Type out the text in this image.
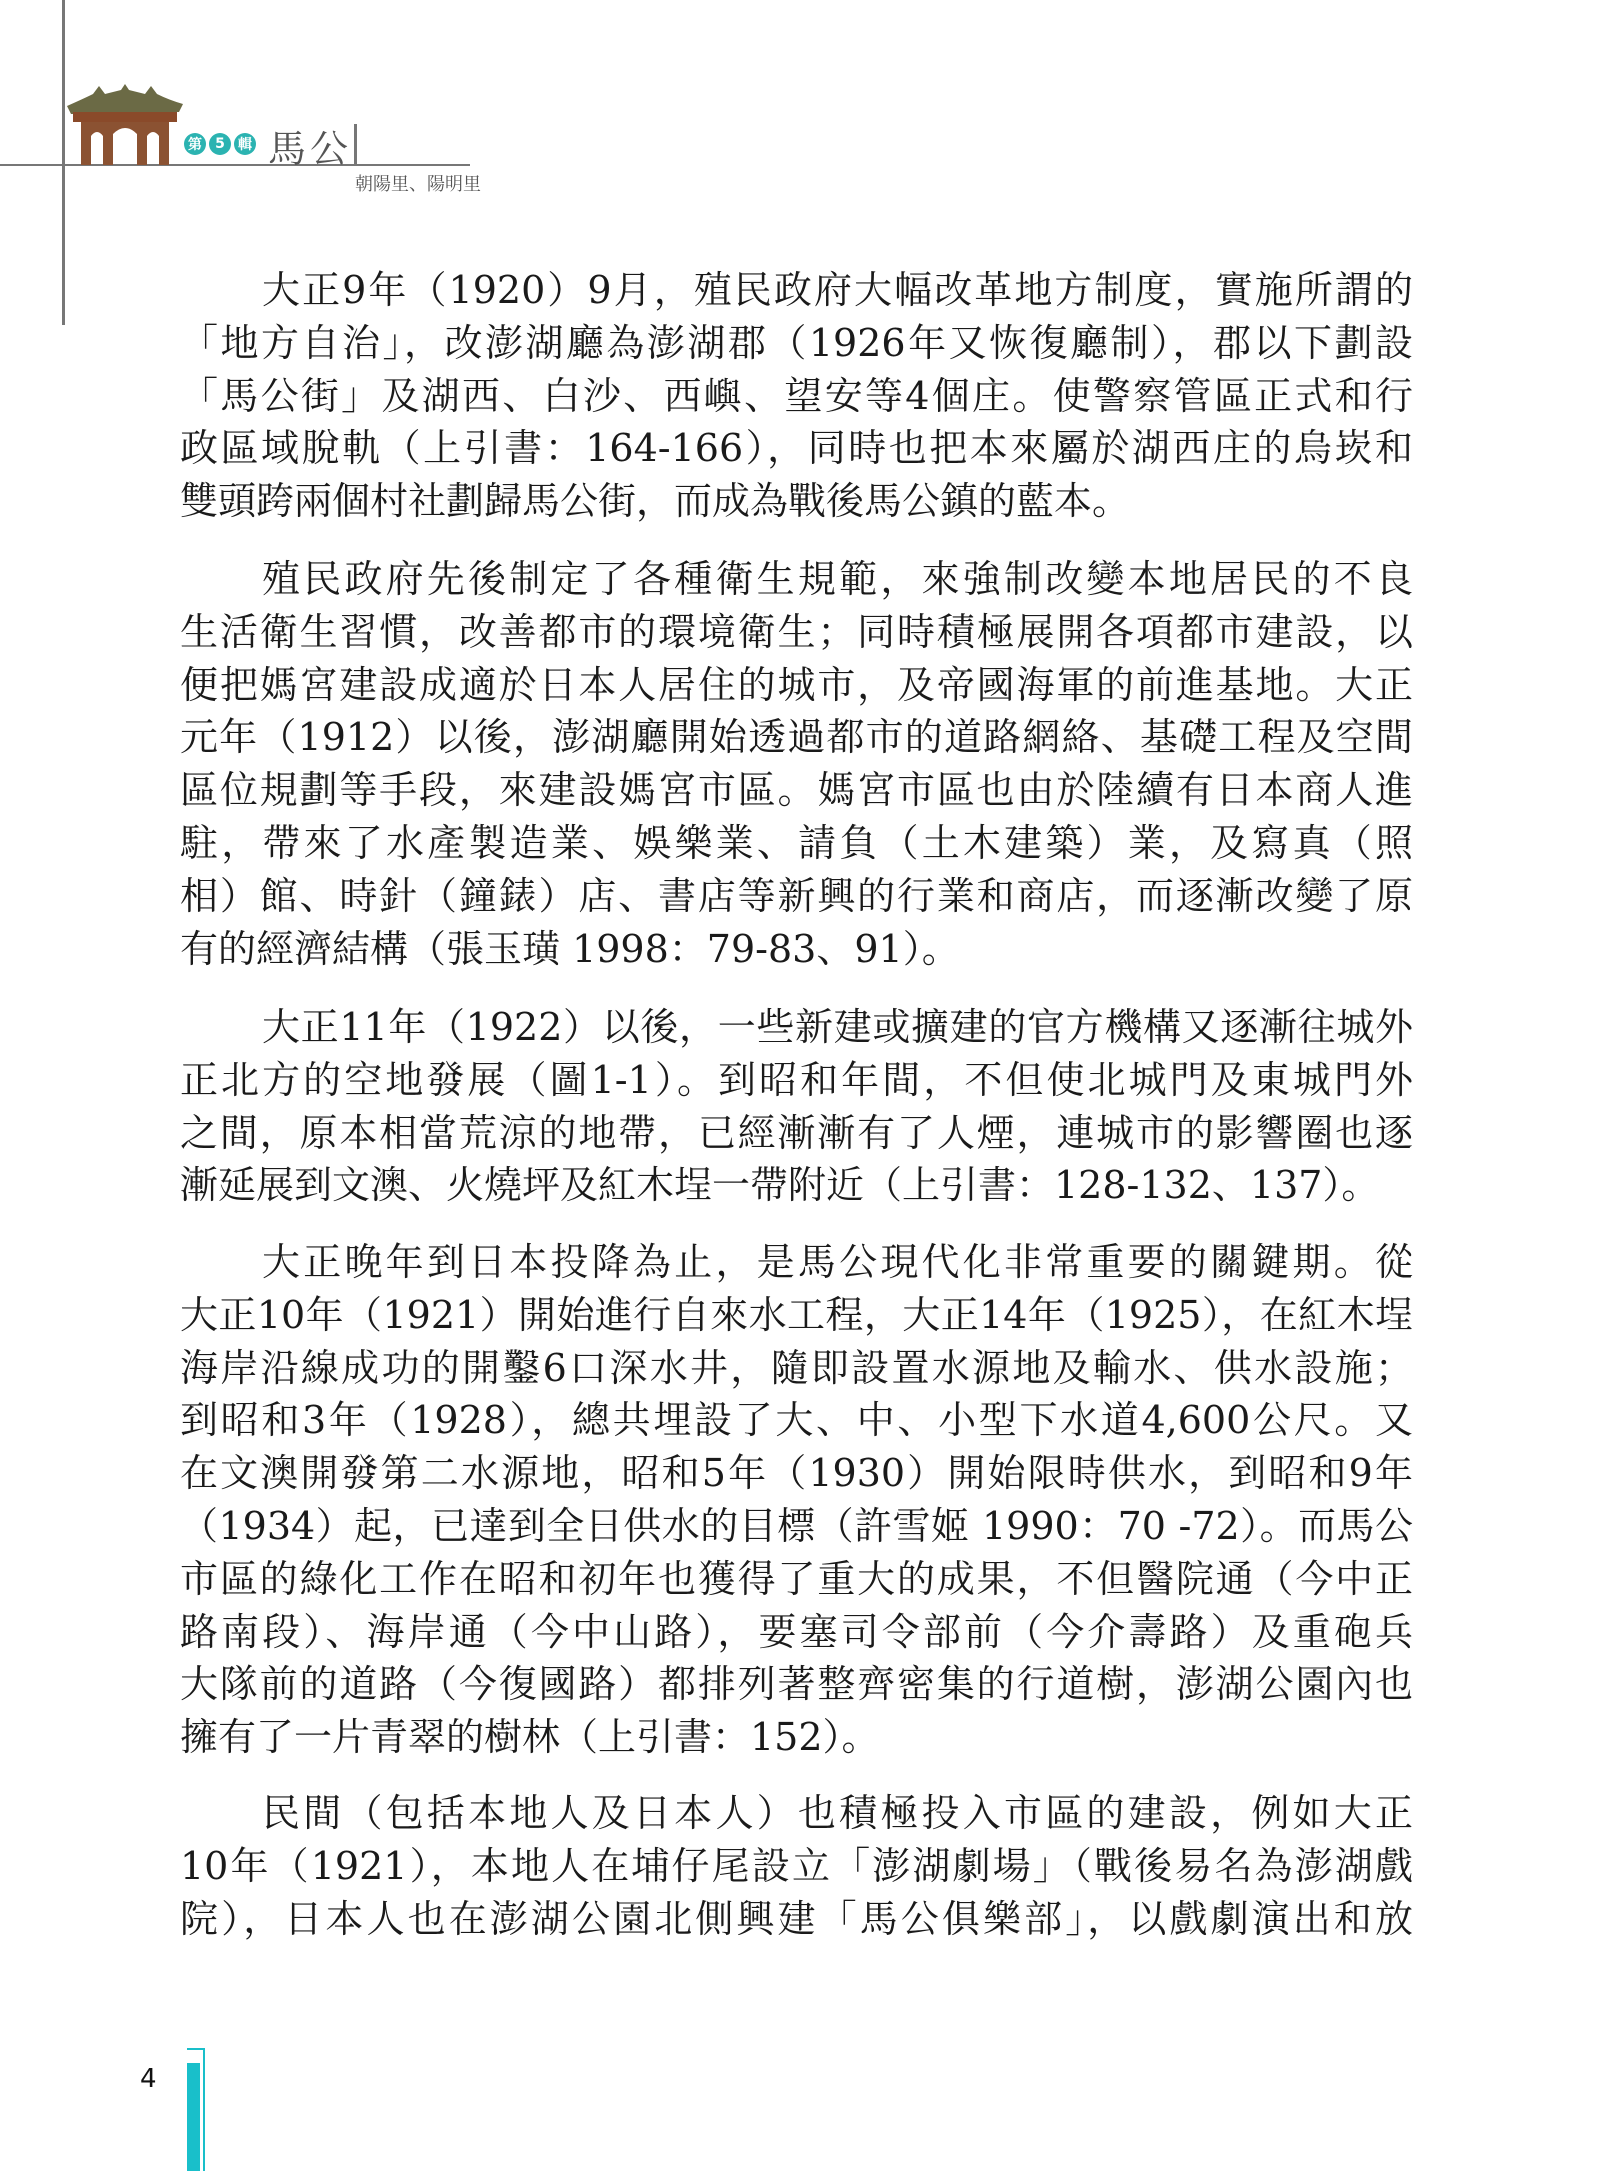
第 5 輯 馬公
朝陽里、陽明里
大正9年（1920）9月，殖民政府大幅改革地方制度，實施所謂的
「地方自治」，改澎湖廳為澎湖郡（1926年又恢復廳制），郡以下劃設
「馬公街」及湖西、白沙、西嶼、望安等4個庄。使警察管區正式和行
政區域脫軌（上引書：164-166），同時也把本來屬於湖西庄的烏崁和
雙頭跨兩個村社劃歸馬公街，而成為戰後馬公鎮的藍本。
殖民政府先後制定了各種衛生規範，來強制改變本地居民的不良
生活衛生習慣，改善都市的環境衛生；同時積極展開各項都市建設，以
便把媽宮建設成適於日本人居住的城市，及帝國海軍的前進基地。大正
元年（1912）以後，澎湖廳開始透過都市的道路網絡、基礎工程及空間
區位規劃等手段，來建設媽宮市區。媽宮市區也由於陸續有日本商人進
駐，帶來了水產製造業、娛樂業、請負（土木建築）業，及寫真（照
相）館、時針（鐘錶）店、書店等新興的行業和商店，而逐漸改變了原
有的經濟結構（張玉璜 1998：79-83、91）。
大正11年（1922）以後，一些新建或擴建的官方機構又逐漸往城外
正北方的空地發展（圖1-1）。到昭和年間，不但使北城門及東城門外
之間，原本相當荒涼的地帶，已經漸漸有了人煙，連城市的影響圈也逐
漸延展到文澳、火燒坪及紅木埕一帶附近（上引書：128-132、137）。
大正晚年到日本投降為止，是馬公現代化非常重要的關鍵期。從
大正10年（1921）開始進行自來水工程，大正14年（1925），在紅木埕
海岸沿線成功的開鑿6口深水井，隨即設置水源地及輸水、供水設施；
到昭和3年（1928），總共埋設了大、中、小型下水道4,600公尺。又
在文澳開發第二水源地，昭和5年（1930）開始限時供水，到昭和9年
（1934）起，已達到全日供水的目標（許雪姬 1990：70 -72）。而馬公
市區的綠化工作在昭和初年也獲得了重大的成果，不但醫院通（今中正
路南段）、海岸通（今中山路），要塞司令部前（今介壽路）及重砲兵
大隊前的道路（今復國路）都排列著整齊密集的行道樹，澎湖公園內也
擁有了一片青翠的樹林（上引書：152）。
民間（包括本地人及日本人）也積極投入市區的建設，例如大正
10年（1921），本地人在埔仔尾設立「澎湖劇場」（戰後易名為澎湖戲
院），日本人也在澎湖公園北側興建「馬公俱樂部」，以戲劇演出和放
4
